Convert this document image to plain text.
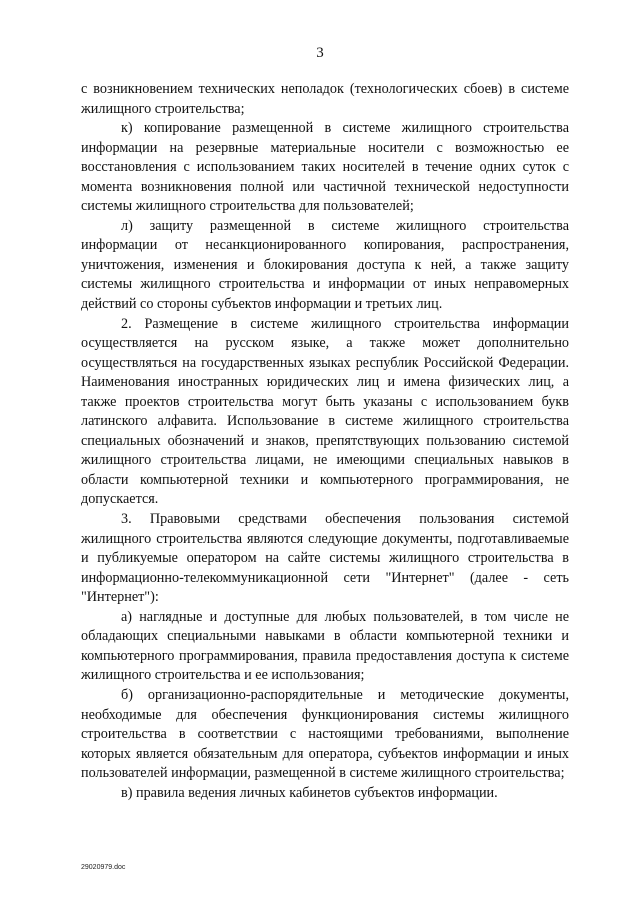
3

с возникновением технических неполадок (технологических сбоев) в системе жилищного строительства;

к) копирование размещенной в системе жилищного строительства информации на резервные материальные носители с возможностью ее восстановления с использованием таких носителей в течение одних суток с момента возникновения полной или частичной технической недоступности системы жилищного строительства для пользователей;

л) защиту размещенной в системе жилищного строительства информации от несанкционированного копирования, распространения, уничтожения, изменения и блокирования доступа к ней, а также защиту системы жилищного строительства и информации от иных неправомерных действий со стороны субъектов информации и третьих лиц.

2. Размещение в системе жилищного строительства информации осуществляется на русском языке, а также может дополнительно осуществляться на государственных языках республик Российской Федерации. Наименования иностранных юридических лиц и имена физических лиц, а также проектов строительства могут быть указаны с использованием букв латинского алфавита. Использование в системе жилищного строительства специальных обозначений и знаков, препятствующих пользованию системой жилищного строительства лицами, не имеющими специальных навыков в области компьютерной техники и компьютерного программирования, не допускается.

3. Правовыми средствами обеспечения пользования системой жилищного строительства являются следующие документы, подготавливаемые и публикуемые оператором на сайте системы жилищного строительства в информационно-телекоммуникационной сети "Интернет" (далее - сеть "Интернет"):

а) наглядные и доступные для любых пользователей, в том числе не обладающих специальными навыками в области компьютерной техники и компьютерного программирования, правила предоставления доступа к системе жилищного строительства и ее использования;

б) организационно-распорядительные и методические документы, необходимые для обеспечения функционирования системы жилищного строительства в соответствии с настоящими требованиями, выполнение которых является обязательным для оператора, субъектов информации и иных пользователей информации, размещенной в системе жилищного строительства;

в) правила ведения личных кабинетов субъектов информации.

29020979.doc
